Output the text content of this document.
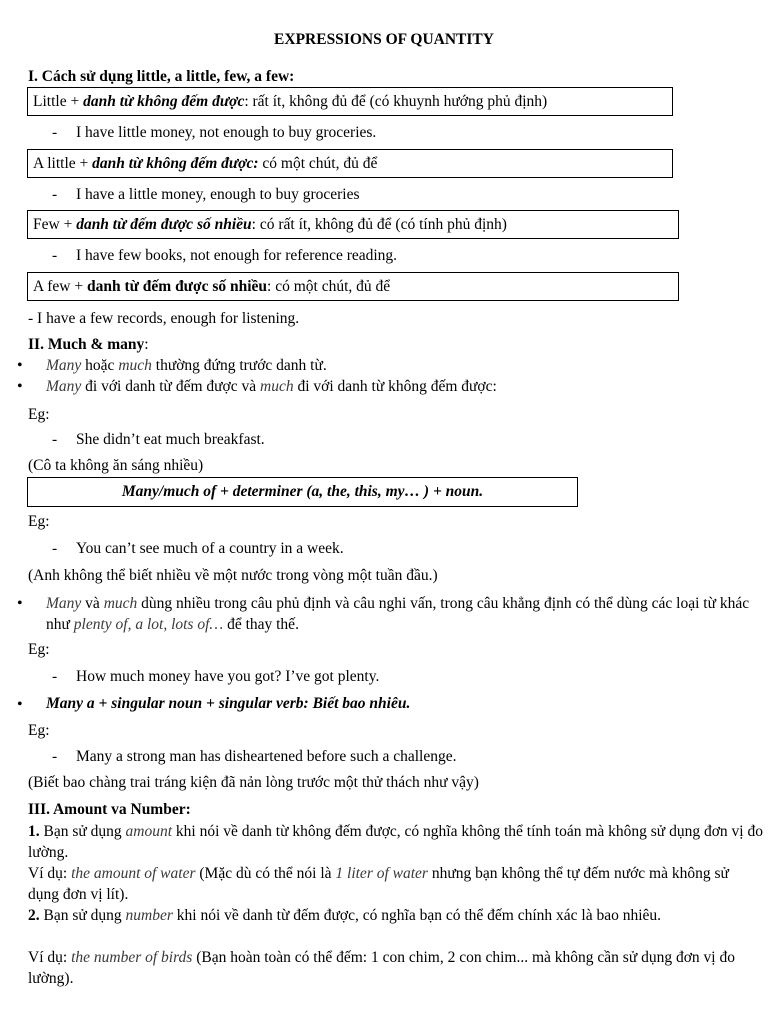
EXPRESSIONS OF QUANTITY
I. Cách sử dụng little, a little, few, a few:
Little + danh từ không đếm được: rất ít, không đủ để (có khuynh hướng phủ định)
- I have little money, not enough to buy groceries.
A little + danh từ không đếm được: có một chút, đủ để
- I have a little money, enough to buy groceries
Few + danh từ đếm được số nhiều: có rất ít, không đủ để (có tính phủ định)
- I have few books, not enough for reference reading.
A few + danh từ đếm được số nhiều: có một chút, đủ để
- I have a few records, enough for listening.
II. Much & many:
• Many hoặc much thường đứng trước danh từ.
• Many đi với danh từ đếm được và much đi với danh từ không đếm được:
Eg:
- She didn’t eat much breakfast.
(Cô ta không ăn sáng nhiều)
Many/much of + determiner (a, the, this, my… ) + noun.
Eg:
- You can’t see much of a country in a week.
(Anh không thể biết nhiều về một nước trong vòng một tuần đầu.)
• Many và much dùng nhiều trong câu phủ định và câu nghi vấn, trong câu khẳng định có thể dùng các loại từ khác như plenty of, a lot, lots of… để thay thế.
Eg:
- How much money have you got? I’ve got plenty.
• Many a + singular noun + singular verb: Biết bao nhiêu.
Eg:
- Many a strong man has disheartened before such a challenge.
(Biết bao chàng trai tráng kiện đã nản lòng trước một thử thách như vậy)
III. Amount va Number:
1. Bạn sử dụng amount khi nói về danh từ không đếm được, có nghĩa không thể tính toán mà không sử dụng đơn vị đo lường.
Ví dụ: the amount of water (Mặc dù có thể nói là 1 liter of water nhưng bạn không thể tự đếm nước mà không sử dụng đơn vị lít).
2. Bạn sử dụng number khi nói về danh từ đếm được, có nghĩa bạn có thể đếm chính xác là bao nhiêu.
Ví dụ: the number of birds (Bạn hoàn toàn có thể đếm: 1 con chim, 2 con chim... mà không cần sử dụng đơn vị đo lường).
